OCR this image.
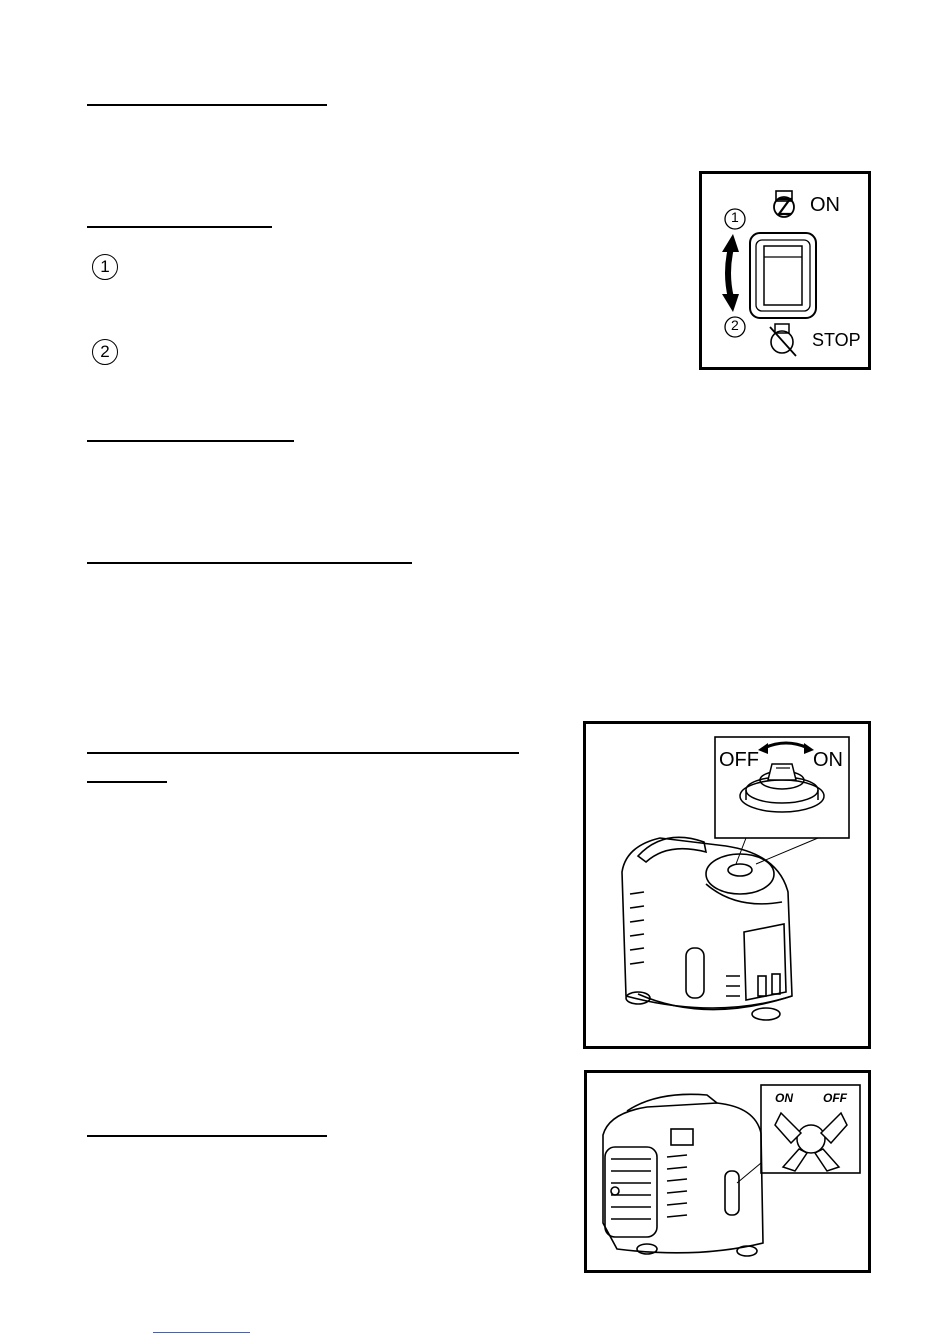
1
2
1
2
ON
STOP
OFF	ON
ON	OFF
